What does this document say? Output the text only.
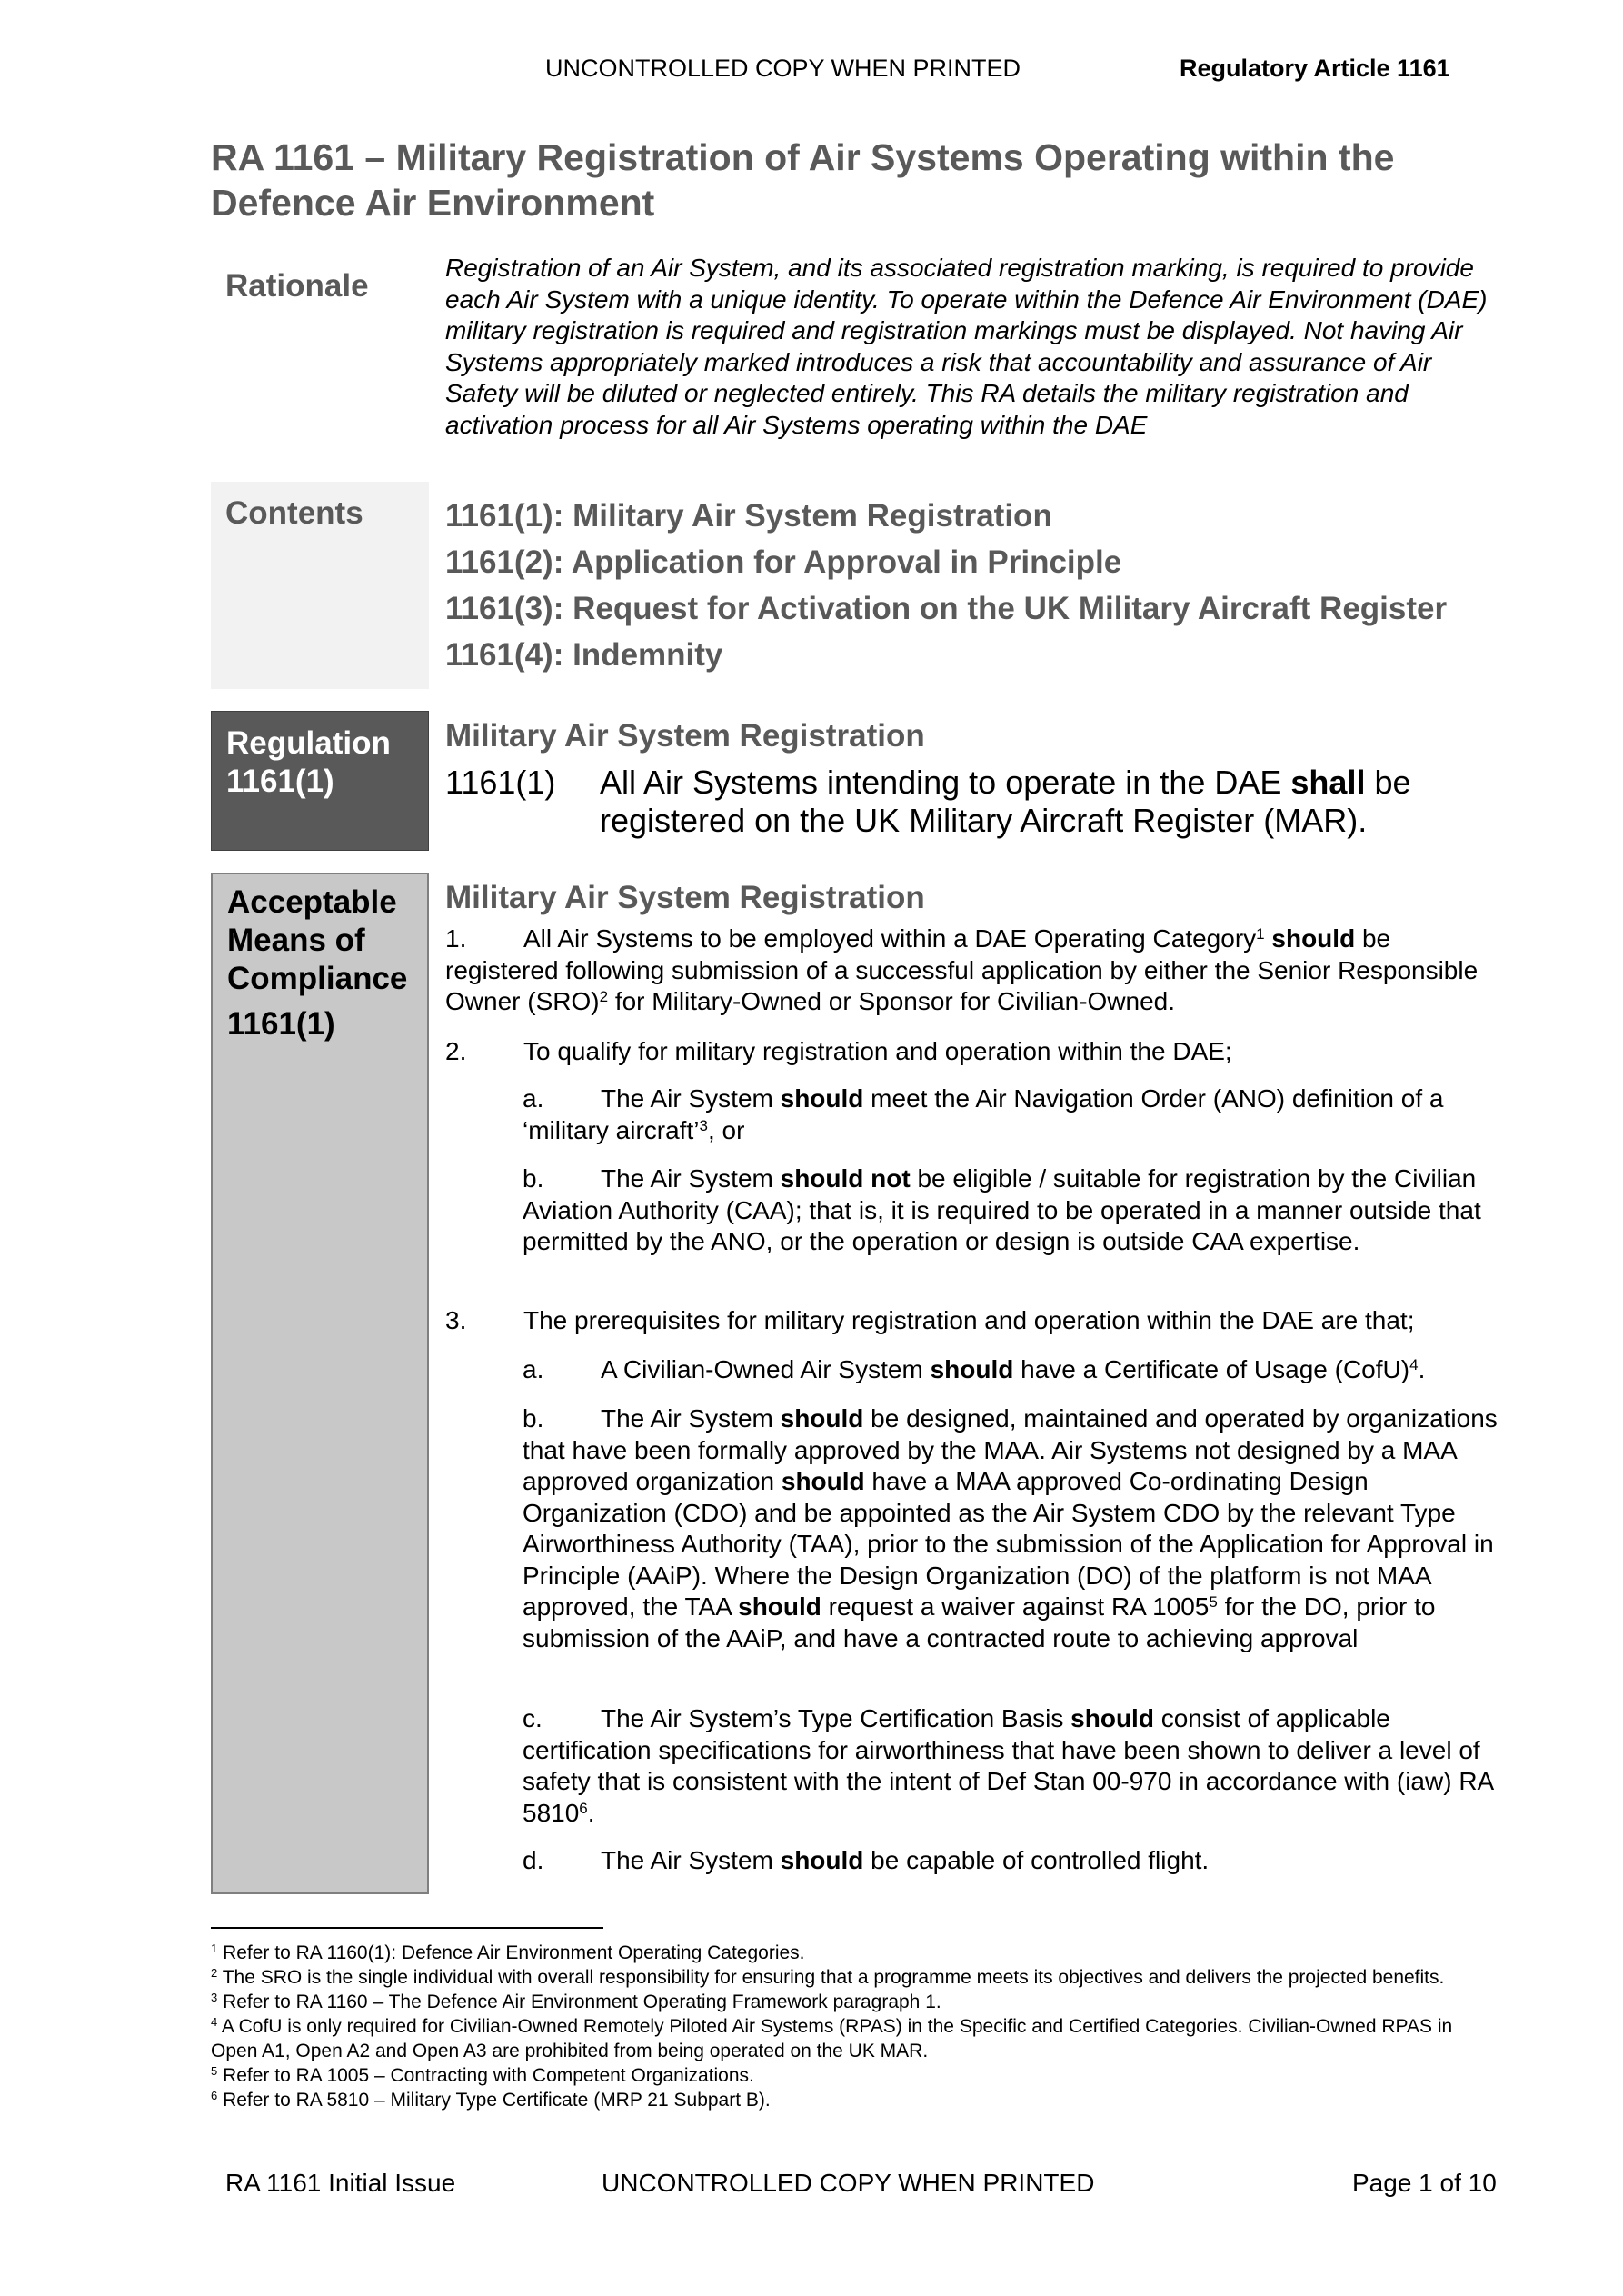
UNCONTROLLED COPY WHEN PRINTED	Regulatory Article 1161
RA 1161 – Military Registration of Air Systems Operating within the Defence Air Environment
Rationale
Registration of an Air System, and its associated registration marking, is required to provide each Air System with a unique identity. To operate within the Defence Air Environment (DAE) military registration is required and registration markings must be displayed. Not having Air Systems appropriately marked introduces a risk that accountability and assurance of Air Safety will be diluted or neglected entirely. This RA details the military registration and activation process for all Air Systems operating within the DAE
Contents	1161(1): Military Air System Registration
1161(2): Application for Approval in Principle
1161(3): Request for Activation on the UK Military Aircraft Register
1161(4): Indemnity
Regulation
1161(1)
Military Air System Registration
1161(1) All Air Systems intending to operate in the DAE shall be registered on the UK Military Aircraft Register (MAR).
Acceptable
Means of
Compliance
1161(1)
Military Air System Registration
1. All Air Systems to be employed within a DAE Operating Category$^1$ should be registered following submission of a successful application by either the Senior Responsible Owner (SRO)$^2$ for Military-Owned or Sponsor for Civilian-Owned.
2. To qualify for military registration and operation within the DAE;
a. The Air System should meet the Air Navigation Order (ANO) definition of a ‘military aircraft’$^3$, or
b. The Air System should not be eligible / suitable for registration by the Civilian Aviation Authority (CAA); that is, it is required to be operated in a manner outside that permitted by the ANO, or the operation or design is outside CAA expertise.
3. The prerequisites for military registration and operation within the DAE are that;
a. A Civilian-Owned Air System should have a Certificate of Usage (CofU)$^4$.
b. The Air System should be designed, maintained and operated by organizations that have been formally approved by the MAA. Air Systems not designed by a MAA approved organization should have a MAA approved Co-ordinating Design Organization (CDO) and be appointed as the Air System CDO by the relevant Type Airworthiness Authority (TAA), prior to the submission of the Application for Approval in Principle (AAiP). Where the Design Organization (DO) of the platform is not MAA approved, the TAA should request a waiver against RA 1005$^5$ for the DO, prior to submission of the AAiP, and have a contracted route to achieving approval
c. The Air System’s Type Certification Basis should consist of applicable certification specifications for airworthiness that have been shown to deliver a level of safety that is consistent with the intent of Def Stan 00-970 in accordance with (iaw) RA 5810$^6$.
d. The Air System should be capable of controlled flight.
$^1$ Refer to RA 1160(1): Defence Air Environment Operating Categories.
$^2$ The SRO is the single individual with overall responsibility for ensuring that a programme meets its objectives and delivers the projected benefits.
$^3$ Refer to RA 1160 – The Defence Air Environment Operating Framework paragraph 1.
$^4$ A CofU is only required for Civilian-Owned Remotely Piloted Air Systems (RPAS) in the Specific and Certified Categories. Civilian-Owned RPAS in Open A1, Open A2 and Open A3 are prohibited from being operated on the UK MAR.
$^5$ Refer to RA 1005 – Contracting with Competent Organizations.
$^6$ Refer to RA 5810 – Military Type Certificate (MRP 21 Subpart B).
RA 1161 Initial Issue	UNCONTROLLED COPY WHEN PRINTED	Page 1 of 10
